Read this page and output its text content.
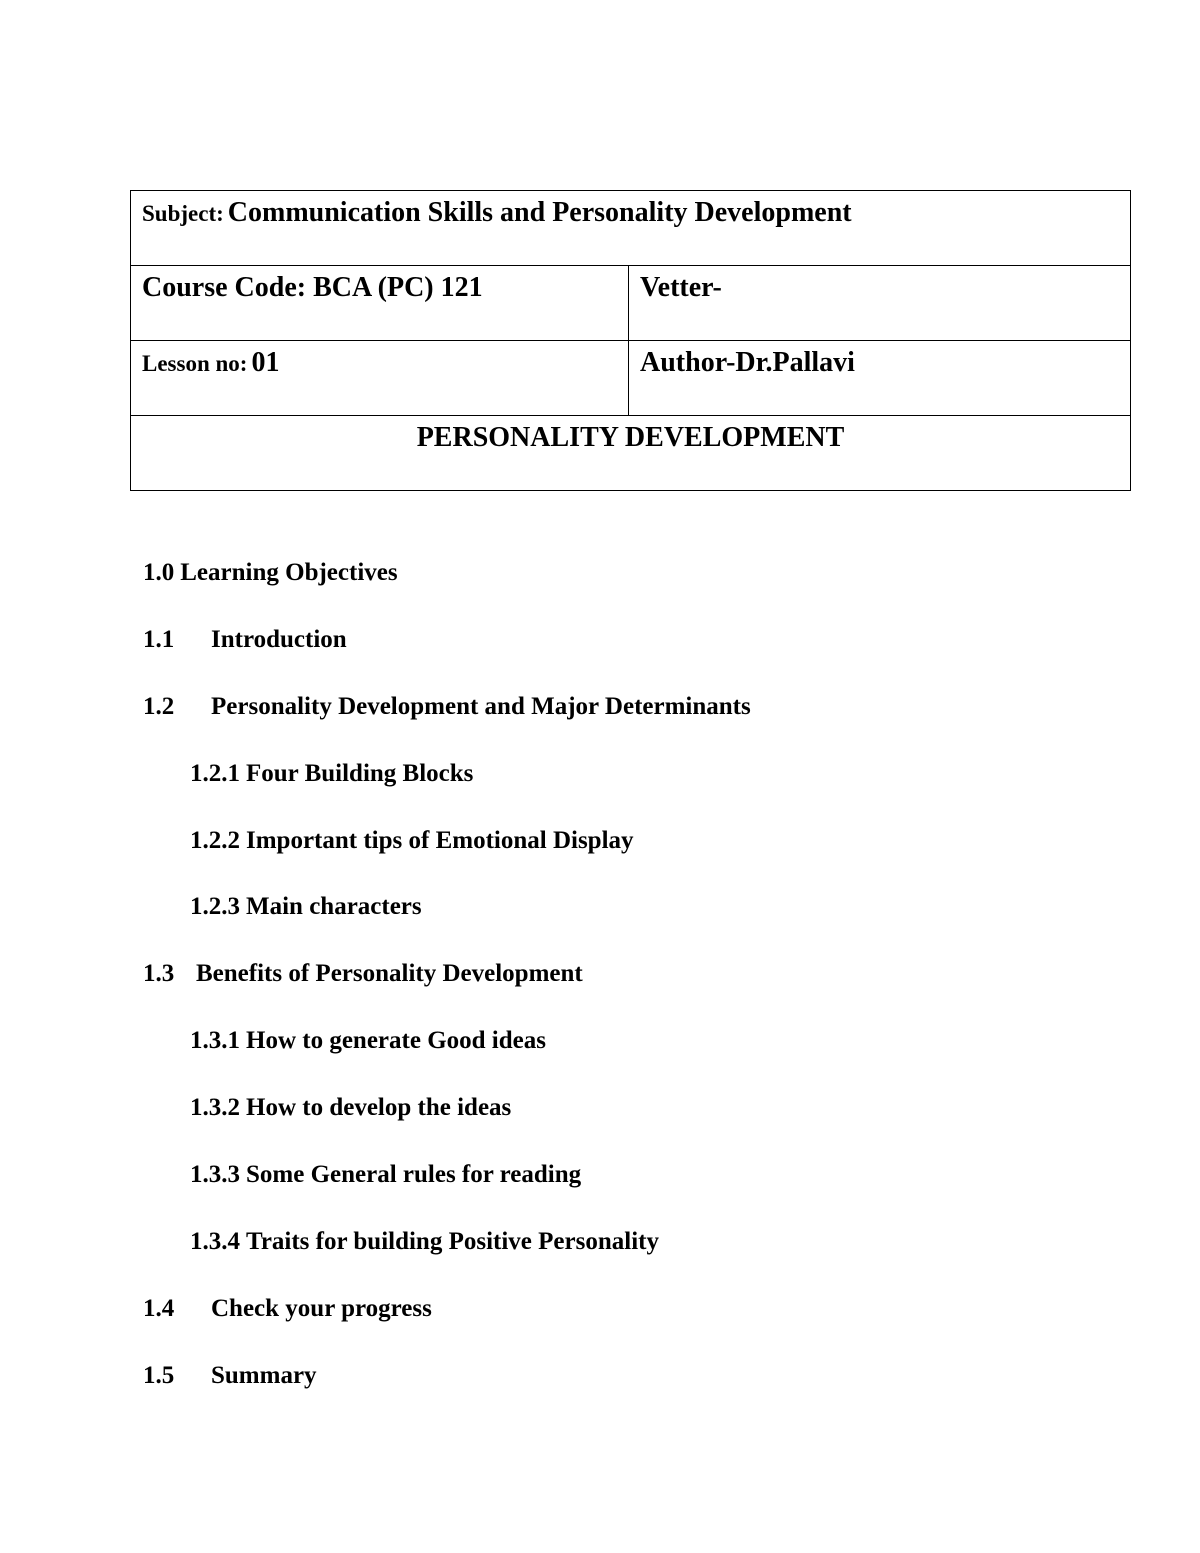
Subject: Communication Skills and Personality Development
Course Code: BCA (PC) 121	Vetter-
Lesson no: 01	Author-Dr.Pallavi
PERSONALITY DEVELOPMENT
1.0 Learning Objectives
1.1 Introduction
1.2 Personality Development and Major Determinants
1.2.1 Four Building Blocks
1.2.2 Important tips of Emotional Display
1.2.3 Main characters
1.3 Benefits of Personality Development
1.3.1 How to generate Good ideas
1.3.2 How to develop the ideas
1.3.3 Some General rules for reading
1.3.4 Traits for building Positive Personality
1.4 Check your progress
1.5 Summary
